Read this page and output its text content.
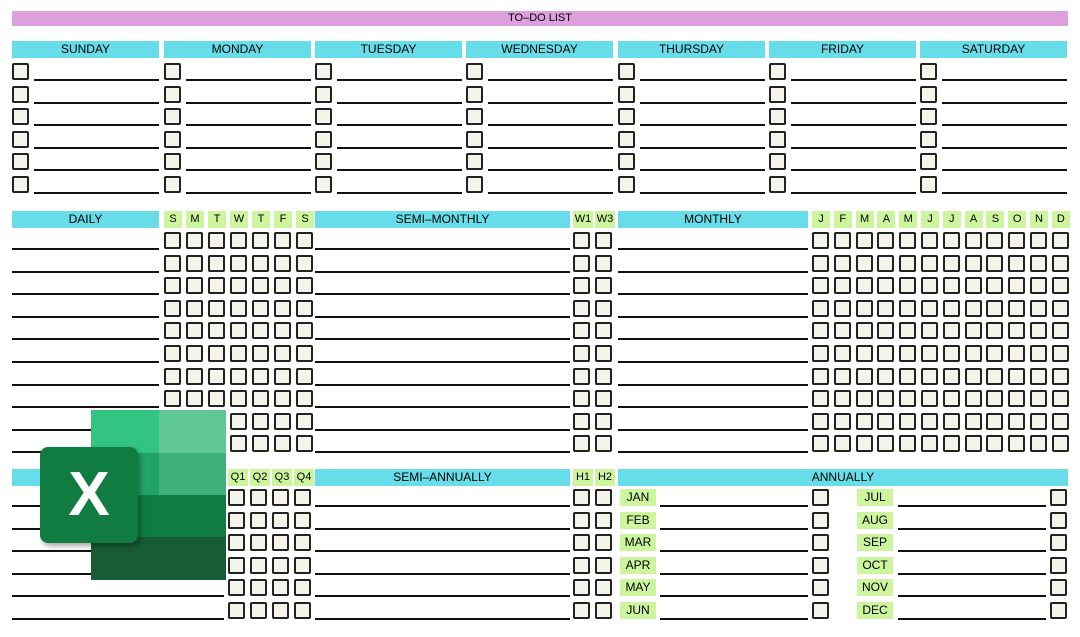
TO–DO LIST
SUNDAY	MONDAY	TUESDAY	WEDNESDAY	THURSDAY	FRIDAY	SATURDAY
DAILY	S	M	T	W	T	F	S	SEMI–MONTHLY	W1 W3	MONTHLY	J	F	M	A	M	J	J	A	S	O	N	D
Q1 Q2 Q3 Q4	SEMI–ANNUALLY	H1 H2	ANNUALLY
JAN	JUL
FEB	AUG
MAR	SEP
APR	OCT
MAY	NOV
JUN	DEC
X
